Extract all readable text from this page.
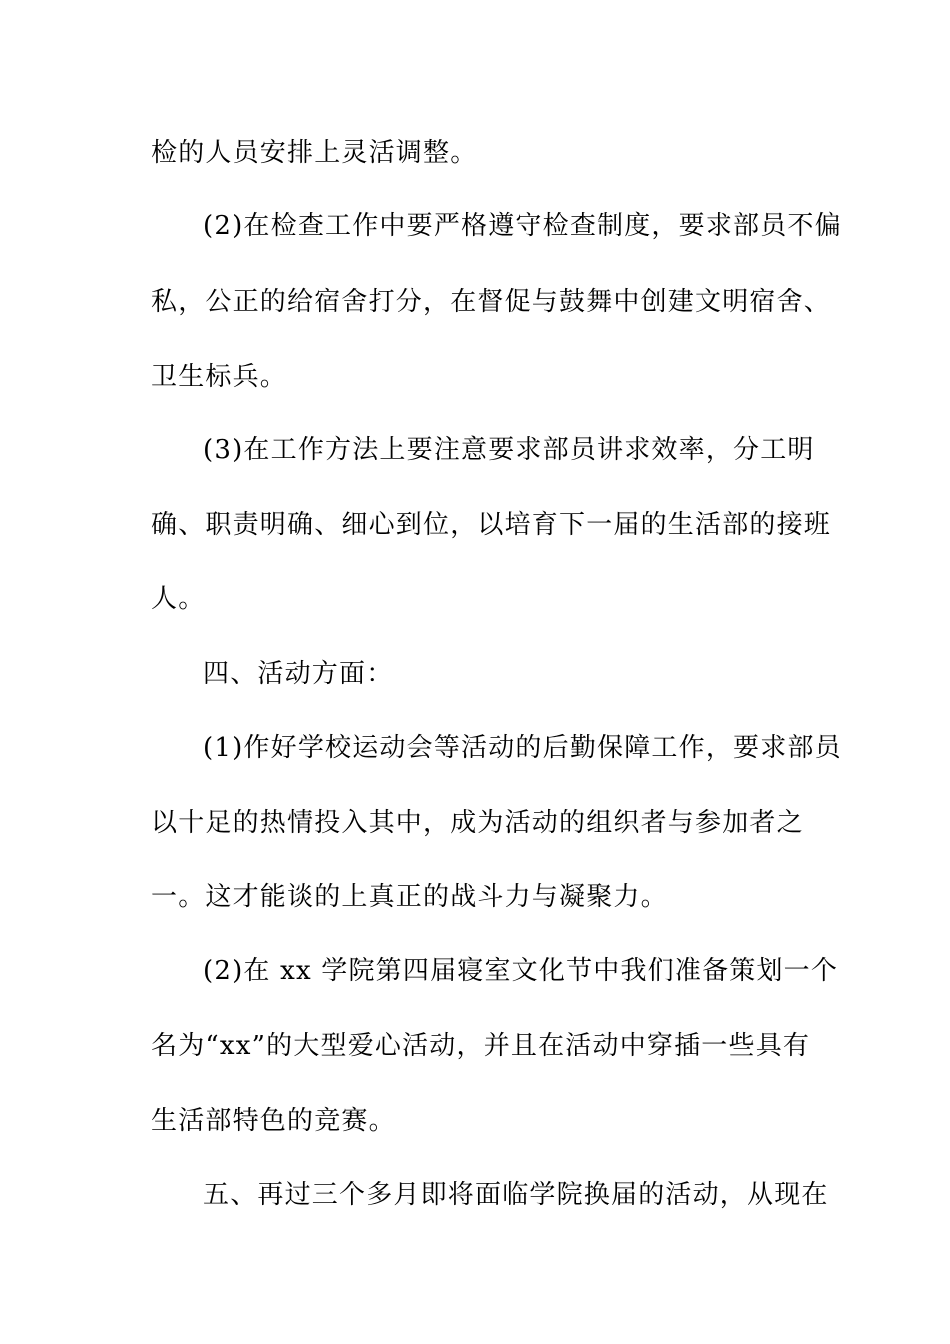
检的人员安排上灵活调整。
(2)在检查工作中要严格遵守检查制度，要求部员不偏
私，公正的给宿舍打分，在督促与鼓舞中创建文明宿舍、
卫生标兵。
(3)在工作方法上要注意要求部员讲求效率，分工明
确、职责明确、细心到位，以培育下一届的生活部的接班
人。
四、活动方面：
(1)作好学校运动会等活动的后勤保障工作，要求部员
以十足的热情投入其中，成为活动的组织者与参加者之
一。这才能谈的上真正的战斗力与凝聚力。
(2)在 xx 学院第四届寝室文化节中我们准备策划一个
名为“xx”的大型爱心活动，并且在活动中穿插一些具有
生活部特色的竞赛。
五、再过三个多月即将面临学院换届的活动，从现在
